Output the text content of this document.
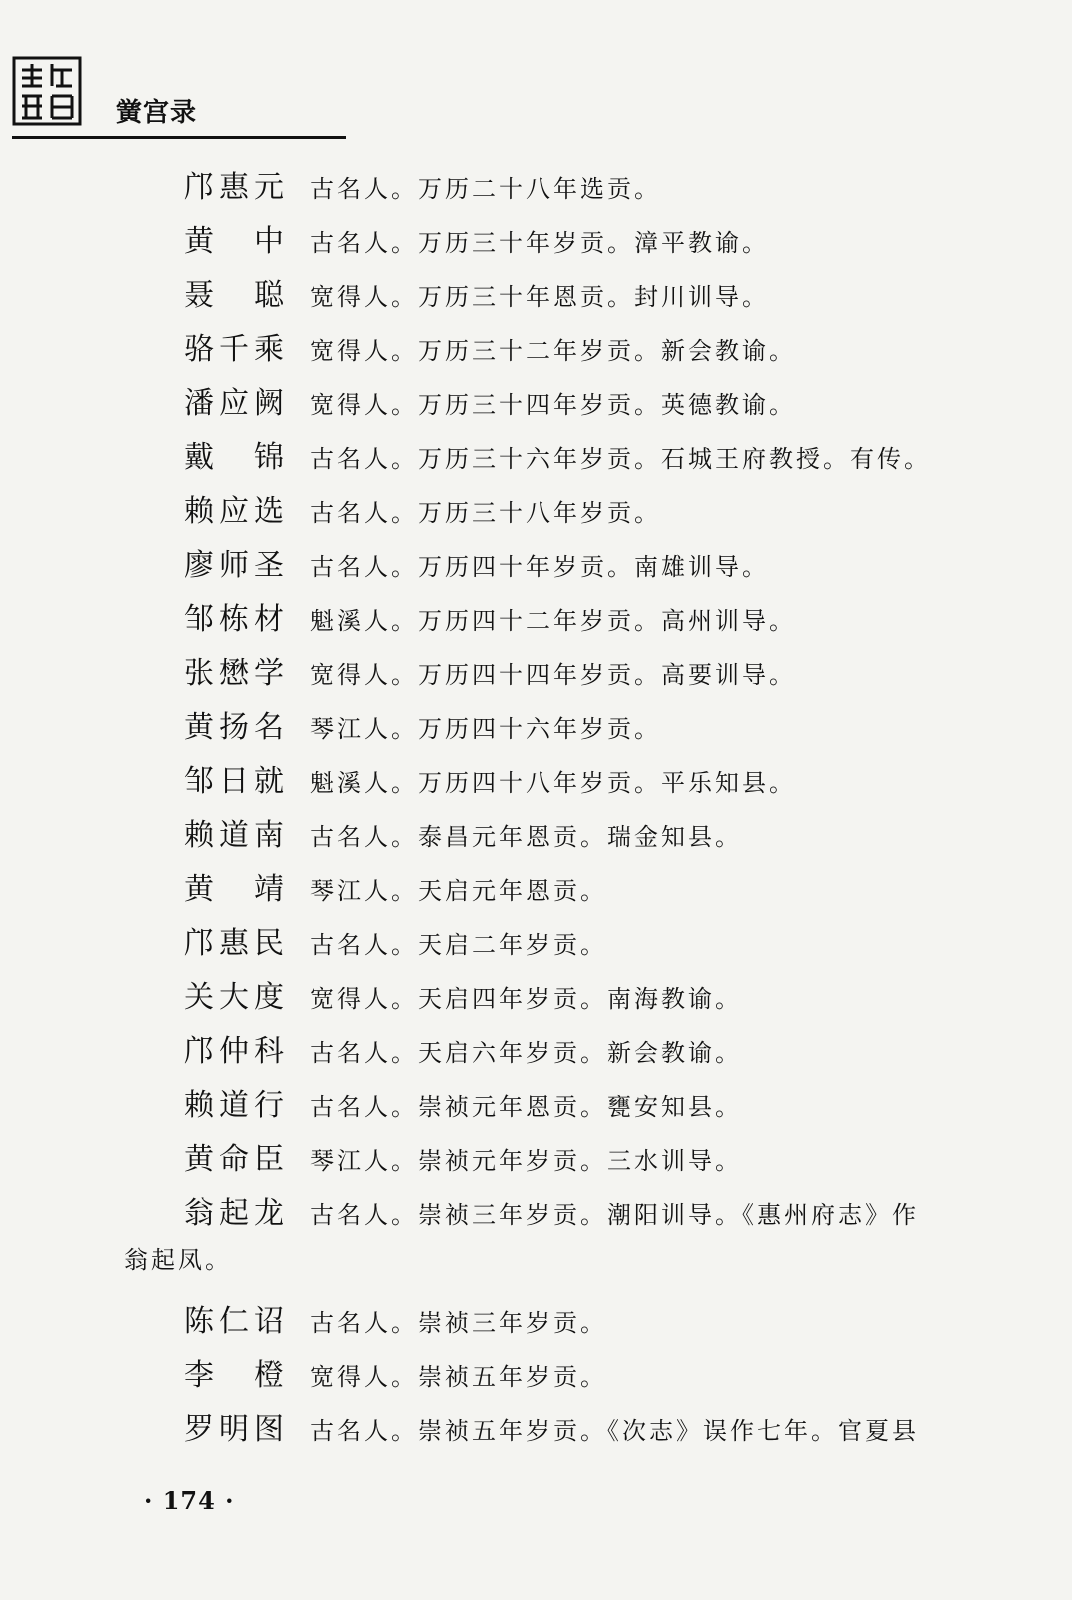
黉宫录
邝惠元 古名人。万历二十八年选贡。
黄中 古名人。万历三十年岁贡。漳平教谕。
聂聪 宽得人。万历三十年恩贡。封川训导。
骆千乘 宽得人。万历三十二年岁贡。新会教谕。
潘应阙 宽得人。万历三十四年岁贡。英德教谕。
戴锦 古名人。万历三十六年岁贡。石城王府教授。有传。
赖应选 古名人。万历三十八年岁贡。
廖师圣 古名人。万历四十年岁贡。南雄训导。
邹栋材 魁溪人。万历四十二年岁贡。高州训导。
张懋学 宽得人。万历四十四年岁贡。高要训导。
黄扬名 琴江人。万历四十六年岁贡。
邹日就 魁溪人。万历四十八年岁贡。平乐知县。
赖道南 古名人。泰昌元年恩贡。瑞金知县。
黄靖 琴江人。天启元年恩贡。
邝惠民 古名人。天启二年岁贡。
关大度 宽得人。天启四年岁贡。南海教谕。
邝仲科 古名人。天启六年岁贡。新会教谕。
赖道行 古名人。崇祯元年恩贡。甕安知县。
黄命臣 琴江人。崇祯元年岁贡。三水训导。
翁起龙 古名人。崇祯三年岁贡。潮阳训导。《惠州府志》作
翁起凤。
陈仁诏 古名人。崇祯三年岁贡。
李橙 宽得人。崇祯五年岁贡。
罗明图 古名人。崇祯五年岁贡。《次志》误作七年。官夏县
· 174 ·
